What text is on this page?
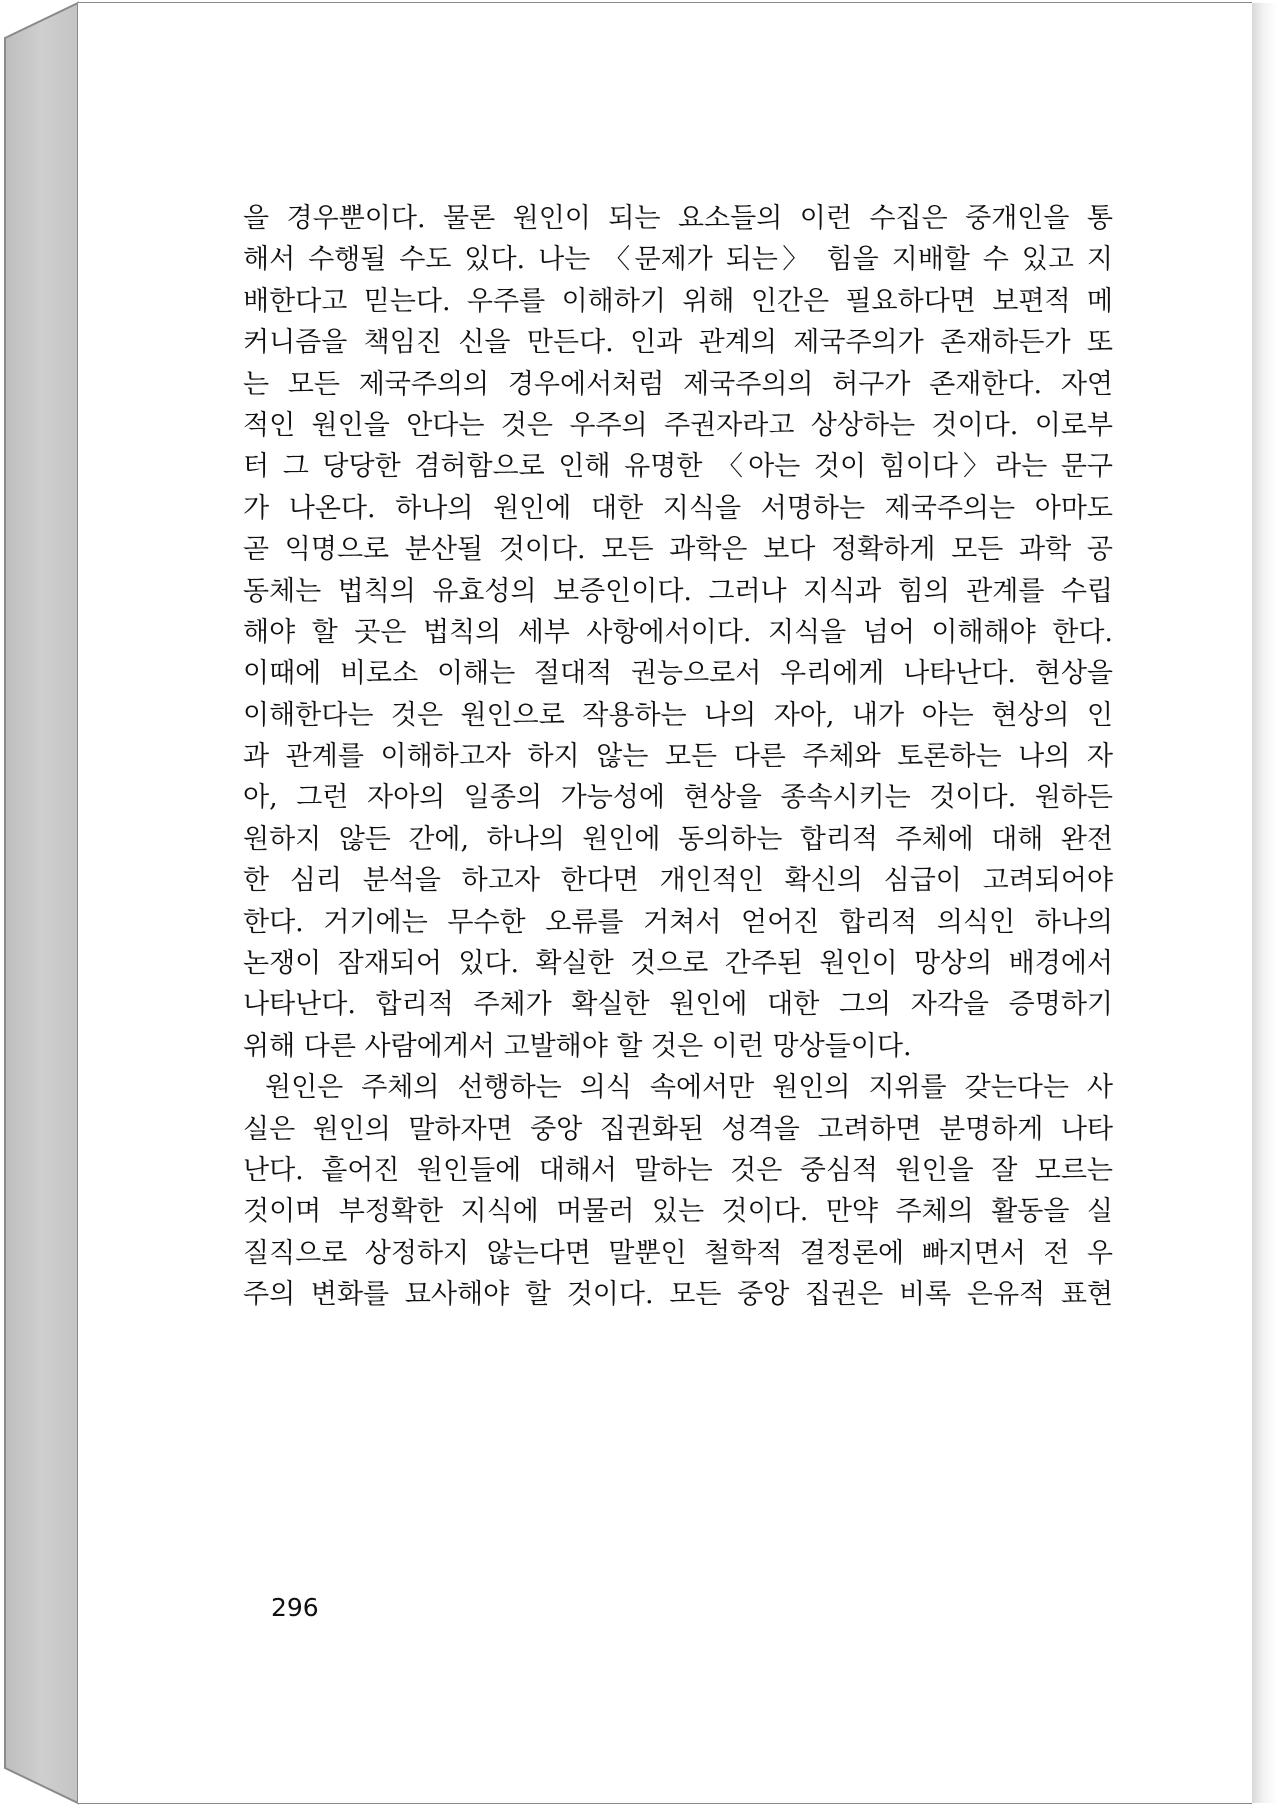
을 경우뿐이다. 물론 원인이 되는 요소들의 이런 수집은 중개인을 통
해서 수행될 수도 있다. 나는 〈문제가 되는〉 힘을 지배할 수 있고 지
배한다고 믿는다. 우주를 이해하기 위해 인간은 필요하다면 보편적 메
커니즘을 책임진 신을 만든다. 인과 관계의 제국주의가 존재하든가 또
는 모든 제국주의의 경우에서처럼 제국주의의 허구가 존재한다. 자연
적인 원인을 안다는 것은 우주의 주권자라고 상상하는 것이다. 이로부
터 그 당당한 겸허함으로 인해 유명한 〈아는 것이 힘이다〉라는 문구
가 나온다. 하나의 원인에 대한 지식을 서명하는 제국주의는 아마도
곧 익명으로 분산될 것이다. 모든 과학은 보다 정확하게 모든 과학 공
동체는 법칙의 유효성의 보증인이다. 그러나 지식과 힘의 관계를 수립
해야 할 곳은 법칙의 세부 사항에서이다. 지식을 넘어 이해해야 한다.
이때에 비로소 이해는 절대적 권능으로서 우리에게 나타난다. 현상을
이해한다는 것은 원인으로 작용하는 나의 자아, 내가 아는 현상의 인
과 관계를 이해하고자 하지 않는 모든 다른 주체와 토론하는 나의 자
아, 그런 자아의 일종의 가능성에 현상을 종속시키는 것이다. 원하든
원하지 않든 간에, 하나의 원인에 동의하는 합리적 주체에 대해 완전
한 심리 분석을 하고자 한다면 개인적인 확신의 심급이 고려되어야
한다. 거기에는 무수한 오류를 거쳐서 얻어진 합리적 의식인 하나의
논쟁이 잠재되어 있다. 확실한 것으로 간주된 원인이 망상의 배경에서
나타난다. 합리적 주체가 확실한 원인에 대한 그의 자각을 증명하기
위해 다른 사람에게서 고발해야 할 것은 이런 망상들이다.
원인은 주체의 선행하는 의식 속에서만 원인의 지위를 갖는다는 사
실은 원인의 말하자면 중앙 집권화된 성격을 고려하면 분명하게 나타
난다. 흩어진 원인들에 대해서 말하는 것은 중심적 원인을 잘 모르는
것이며 부정확한 지식에 머물러 있는 것이다. 만약 주체의 활동을 실
질직으로 상정하지 않는다면 말뿐인 철학적 결정론에 빠지면서 전 우
주의 변화를 묘사해야 할 것이다. 모든 중앙 집권은 비록 은유적 표현
296
